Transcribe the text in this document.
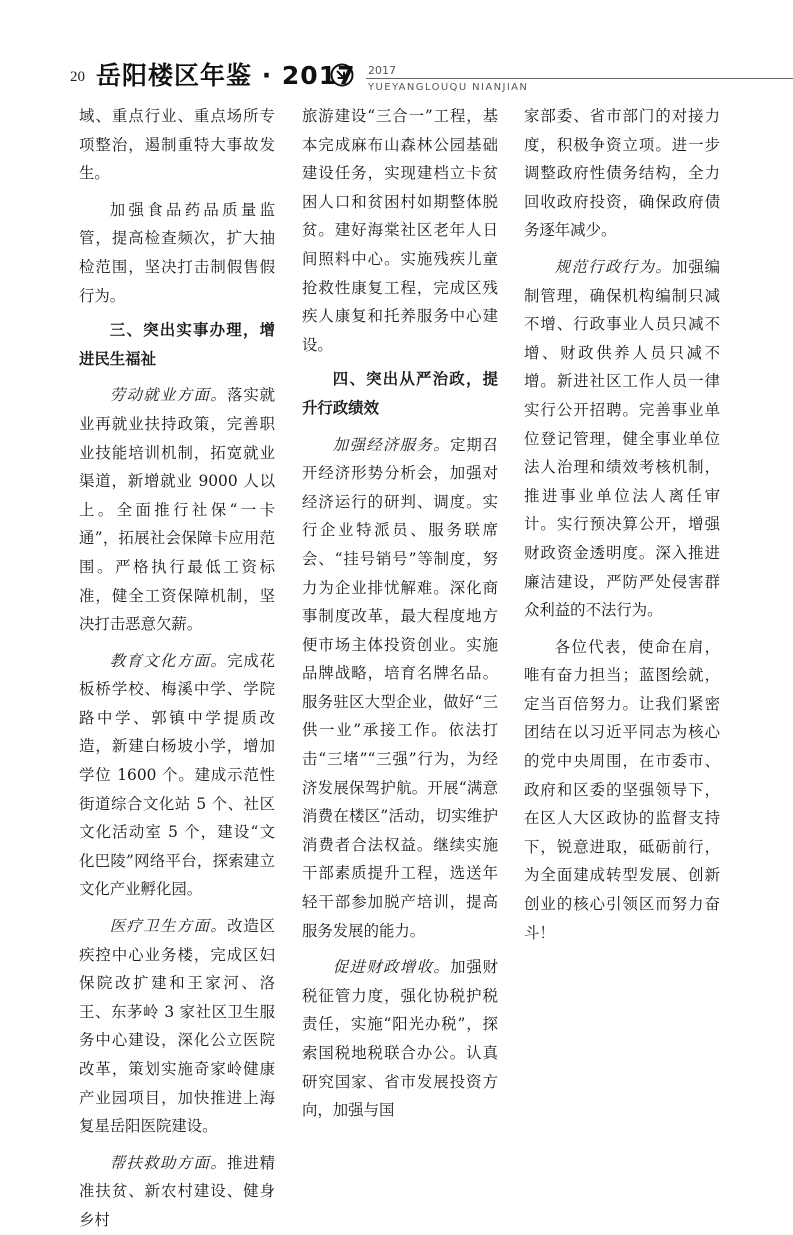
20 岳阳楼区年鉴 · 2017 2017
YUEYANGLOUQU NIANJIAN

域、重点行业、重点场所专项整治，遏制重特大事故发生。

加强食品药品质量监管，提高检查频次，扩大抽检范围，坚决打击制假售假行为。

三、突出实事办理，增进民生福祉

劳动就业方面。落实就业再就业扶持政策，完善职业技能培训机制，拓宽就业渠道，新增就业 9000 人以上。全面推行社保“一卡通”，拓展社会保障卡应用范围。严格执行最低工资标准，健全工资保障机制，坚决打击恶意欠薪。

教育文化方面。完成花板桥学校、梅溪中学、学院路中学、郭镇中学提质改造，新建白杨坡小学，增加学位 1600 个。建成示范性街道综合文化站 5 个、社区文化活动室 5 个，建设“文化巴陵”网络平台，探索建立文化产业孵化园。

医疗卫生方面。改造区疾控中心业务楼，完成区妇保院改扩建和王家河、洛王、东茅岭 3 家社区卫生服务中心建设，深化公立医院改革，策划实施奇家岭健康产业园项目，加快推进上海复星岳阳医院建设。

帮扶救助方面。推进精准扶贫、新农村建设、健身乡村

旅游建设“三合一”工程，基本完成麻布山森林公园基础建设任务，实现建档立卡贫困人口和贫困村如期整体脱贫。建好海棠社区老年人日间照料中心。实施残疾儿童抢救性康复工程，完成区残疾人康复和托养服务中心建设。

四、突出从严治政，提升行政绩效

加强经济服务。定期召开经济形势分析会，加强对经济运行的研判、调度。实行企业特派员、服务联席会、“挂号销号”等制度，努力为企业排忧解难。深化商事制度改革，最大程度地方便市场主体投资创业。实施品牌战略，培育名牌名品。服务驻区大型企业，做好“三供一业”承接工作。依法打击“三堵”“三强”行为，为经济发展保驾护航。开展“满意消费在楼区”活动，切实维护消费者合法权益。继续实施干部素质提升工程，选送年轻干部参加脱产培训，提高服务发展的能力。

促进财政增收。加强财税征管力度，强化协税护税责任，实施“阳光办税”，探索国税地税联合办公。认真研究国家、省市发展投资方向，加强与国

家部委、省市部门的对接力度，积极争资立项。进一步调整政府性债务结构，全力回收政府投资，确保政府债务逐年减少。

规范行政行为。加强编制管理，确保机构编制只减不增、行政事业人员只减不增、财政供养人员只减不增。新进社区工作人员一律实行公开招聘。完善事业单位登记管理，健全事业单位法人治理和绩效考核机制，推进事业单位法人离任审计。实行预决算公开，增强财政资金透明度。深入推进廉洁建设，严防严处侵害群众利益的不法行为。

各位代表，使命在肩，唯有奋力担当；蓝图绘就，定当百倍努力。让我们紧密团结在以习近平同志为核心的党中央周围，在市委市、政府和区委的坚强领导下，在区人大区政协的监督支持下，锐意进取，砥砺前行，为全面建成转型发展、创新创业的核心引领区而努力奋斗！
